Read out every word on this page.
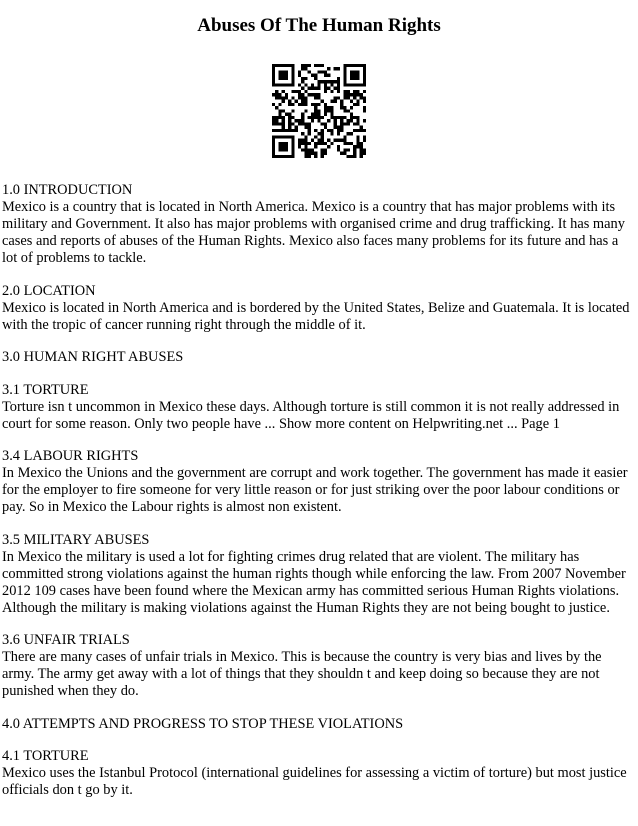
Abuses Of The Human Rights
1.0 INTRODUCTION
Mexico is a country that is located in North America. Mexico is a country that has major problems with its military and Government. It also has major problems with organised crime and drug trafficking. It has many cases and reports of abuses of the Human Rights. Mexico also faces many problems for its future and has a lot of problems to tackle.
2.0 LOCATION
Mexico is located in North America and is bordered by the United States, Belize and Guatemala. It is located with the tropic of cancer running right through the middle of it.
3.0 HUMAN RIGHT ABUSES
3.1 TORTURE
Torture isn t uncommon in Mexico these days. Although torture is still common it is not really addressed in court for some reason. Only two people have ... Show more content on Helpwriting.net ... Page 1
3.4 LABOUR RIGHTS
In Mexico the Unions and the government are corrupt and work together. The government has made it easier for the employer to fire someone for very little reason or for just striking over the poor labour conditions or pay. So in Mexico the Labour rights is almost non existent.
3.5 MILITARY ABUSES
In Mexico the military is used a lot for fighting crimes drug related that are violent. The military has committed strong violations against the human rights though while enforcing the law. From 2007 November 2012 109 cases have been found where the Mexican army has committed serious Human Rights violations. Although the military is making violations against the Human Rights they are not being bought to justice.
3.6 UNFAIR TRIALS
There are many cases of unfair trials in Mexico. This is because the country is very bias and lives by the army. The army get away with a lot of things that they shouldn t and keep doing so because they are not punished when they do.
4.0 ATTEMPTS AND PROGRESS TO STOP THESE VIOLATIONS
4.1 TORTURE
Mexico uses the Istanbul Protocol (international guidelines for assessing a victim of torture) but most justice officials don t go by it.
